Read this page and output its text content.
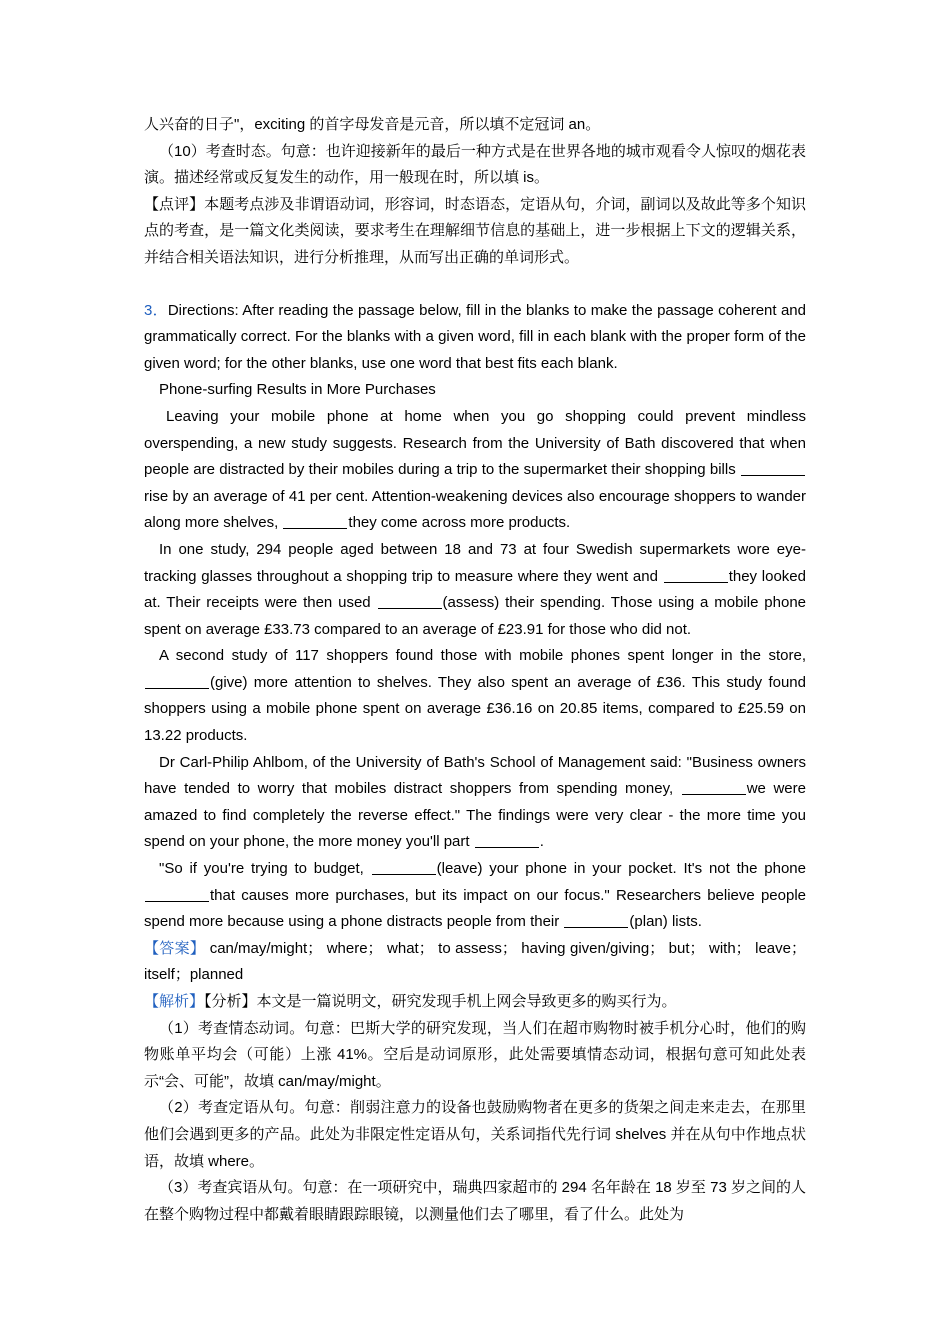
人兴奋的日子"，exciting 的首字母发音是元音，所以填不定冠词 an。

（10）考查时态。句意：也许迎接新年的最后一种方式是在世界各地的城市观看令人惊叹的烟花表演。描述经常或反复发生的动作，用一般现在时，所以填 is。

【点评】本题考点涉及非谓语动词，形容词，时态语态，定语从句，介词，副词以及故此等多个知识点的考查，是一篇文化类阅读，要求考生在理解细节信息的基础上，进一步根据上下文的逻辑关系，并结合相关语法知识，进行分析推理，从而写出正确的单词形式。

3．Directions: After reading the passage below, fill in the blanks to make the passage coherent and grammatically correct. For the blanks with a given word, fill in each blank with the proper form of the given word; for the other blanks, use one word that best fits each blank.

Phone-surfing Results in More Purchases

Leaving your mobile phone at home when you go shopping could prevent mindless overspending, a new study suggests. Research from the University of Bath discovered that when people are distracted by their mobiles during a trip to the supermarket their shopping bills  rise by an average of 41 per cent. Attention-weakening devices also encourage shoppers to wander along more shelves,	they come across more products.

In one study, 294 people aged between 18 and 73 at four Swedish supermarkets wore eye-tracking glasses throughout a shopping trip to measure where they went and	they looked at. Their receipts were then used	(assess) their spending. Those using a mobile phone spent on average £33.73 compared to an average of £23.91 for those who did not.

A second study of 117 shoppers found those with mobile phones spent longer in the store, (give) more attention to shelves. They also spent an average of £36. This study found shoppers using a mobile phone spent on average £36.16 on 20.85 items, compared to £25.59 on 13.22 products.

Dr Carl-Philip Ahlbom, of the University of Bath's School of Management said: "Business owners have tended to worry that mobiles distract shoppers from spending money,	we were amazed to find completely the reverse effect." The findings were very clear - the more time you spend on your phone, the more money you'll part	.

"So if you're trying to budget,	(leave) your phone in your pocket. It's not the phone that causes more purchases, but its impact on our focus." Researchers believe people spend more because using a phone distracts people from their	(plan) lists.

【答案】 can/may/might； where； what； to assess； having given/giving； but； with； leave；itself；planned

【解析】【分析】本文是一篇说明文，研究发现手机上网会导致更多的购买行为。

（1）考查情态动词。句意：巴斯大学的研究发现，当人们在超市购物时被手机分心时，他们的购物账单平均会（可能）上涨 41%。空后是动词原形，此处需要填情态动词，根据句意可知此处表示“会、可能”，故填 can/may/might。

（2）考查定语从句。句意：削弱注意力的设备也鼓励购物者在更多的货架之间走来走去，在那里他们会遇到更多的产品。此处为非限定性定语从句，关系词指代先行词 shelves 并在从句中作地点状语，故填 where。

（3）考查宾语从句。句意：在一项研究中，瑞典四家超市的 294 名年龄在 18 岁至 73 岁之间的人在整个购物过程中都戴着眼睛跟踪眼镜，以测量他们去了哪里，看了什么。此处为
